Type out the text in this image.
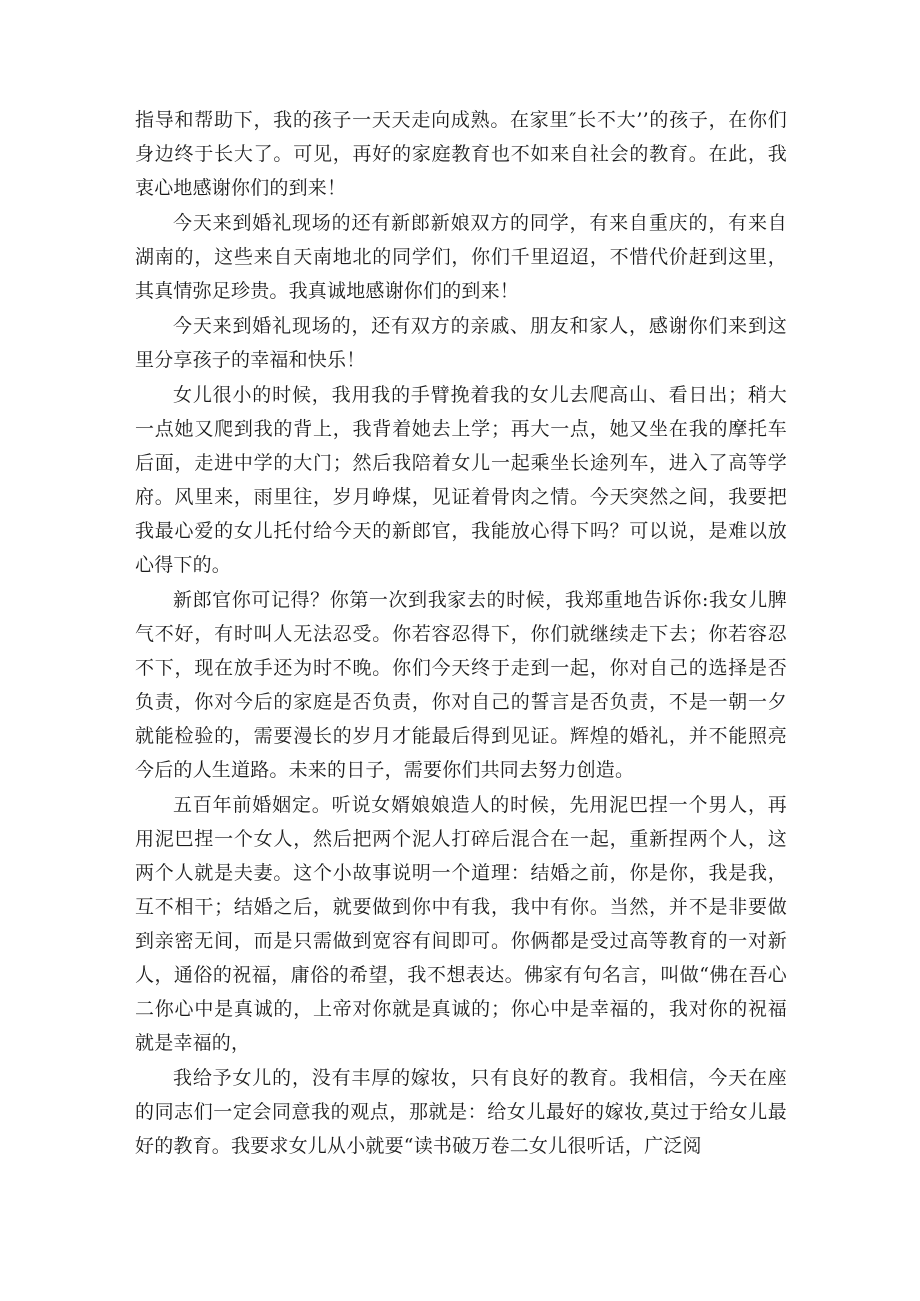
指导和帮助下，我的孩子一天天走向成熟。在家里″长不大’’的孩子，在你们身边终于长大了。可见，再好的家庭教育也不如来自社会的教育。在此，我衷心地感谢你们的到来！

今天来到婚礼现场的还有新郎新娘双方的同学，有来自重庆的，有来自湖南的，这些来自天南地北的同学们，你们千里迢迢，不惜代价赶到这里，其真情弥足珍贵。我真诚地感谢你们的到来！

今天来到婚礼现场的，还有双方的亲戚、朋友和家人，感谢你们来到这里分享孩子的幸福和快乐！

女儿很小的时候，我用我的手臂挽着我的女儿去爬高山、看日出；稍大一点她又爬到我的背上，我背着她去上学；再大一点，她又坐在我的摩托车后面，走进中学的大门；然后我陪着女儿一起乘坐长途列车，进入了高等学府。风里来，雨里往，岁月峥煤，见证着骨肉之情。今天突然之间，我要把我最心爱的女儿托付给今天的新郎官，我能放心得下吗？可以说，是难以放心得下的。

新郎官你可记得？你第一次到我家去的时候，我郑重地告诉你:我女儿脾气不好，有时叫人无法忍受。你若容忍得下，你们就继续走下去；你若容忍不下，现在放手还为时不晚。你们今天终于走到一起，你对自己的选择是否负责，你对今后的家庭是否负责，你对自己的誓言是否负责，不是一朝一夕就能检验的，需要漫长的岁月才能最后得到见证。辉煌的婚礼，并不能照亮今后的人生道路。未来的日子，需要你们共同去努力创造。

五百年前婚姻定。听说女婿娘娘造人的时候，先用泥巴捏一个男人，再用泥巴捏一个女人，然后把两个泥人打碎后混合在一起，重新捏两个人，这两个人就是夫妻。这个小故事说明一个道理：结婚之前，你是你，我是我，互不相干；结婚之后，就要做到你中有我，我中有你。当然，并不是非要做到亲密无间，而是只需做到宽容有间即可。你俩都是受过高等教育的一对新人，通俗的祝福，庸俗的希望，我不想表达。佛家有句名言，叫做“佛在吾心二你心中是真诚的，上帝对你就是真诚的；你心中是幸福的，我对你的祝福就是幸福的，

我给予女儿的，没有丰厚的嫁妆，只有良好的教育。我相信，今天在座的同志们一定会同意我的观点，那就是：给女儿最好的嫁妆,莫过于给女儿最好的教育。我要求女儿从小就要“读书破万卷二女儿很听话，广泛阅
